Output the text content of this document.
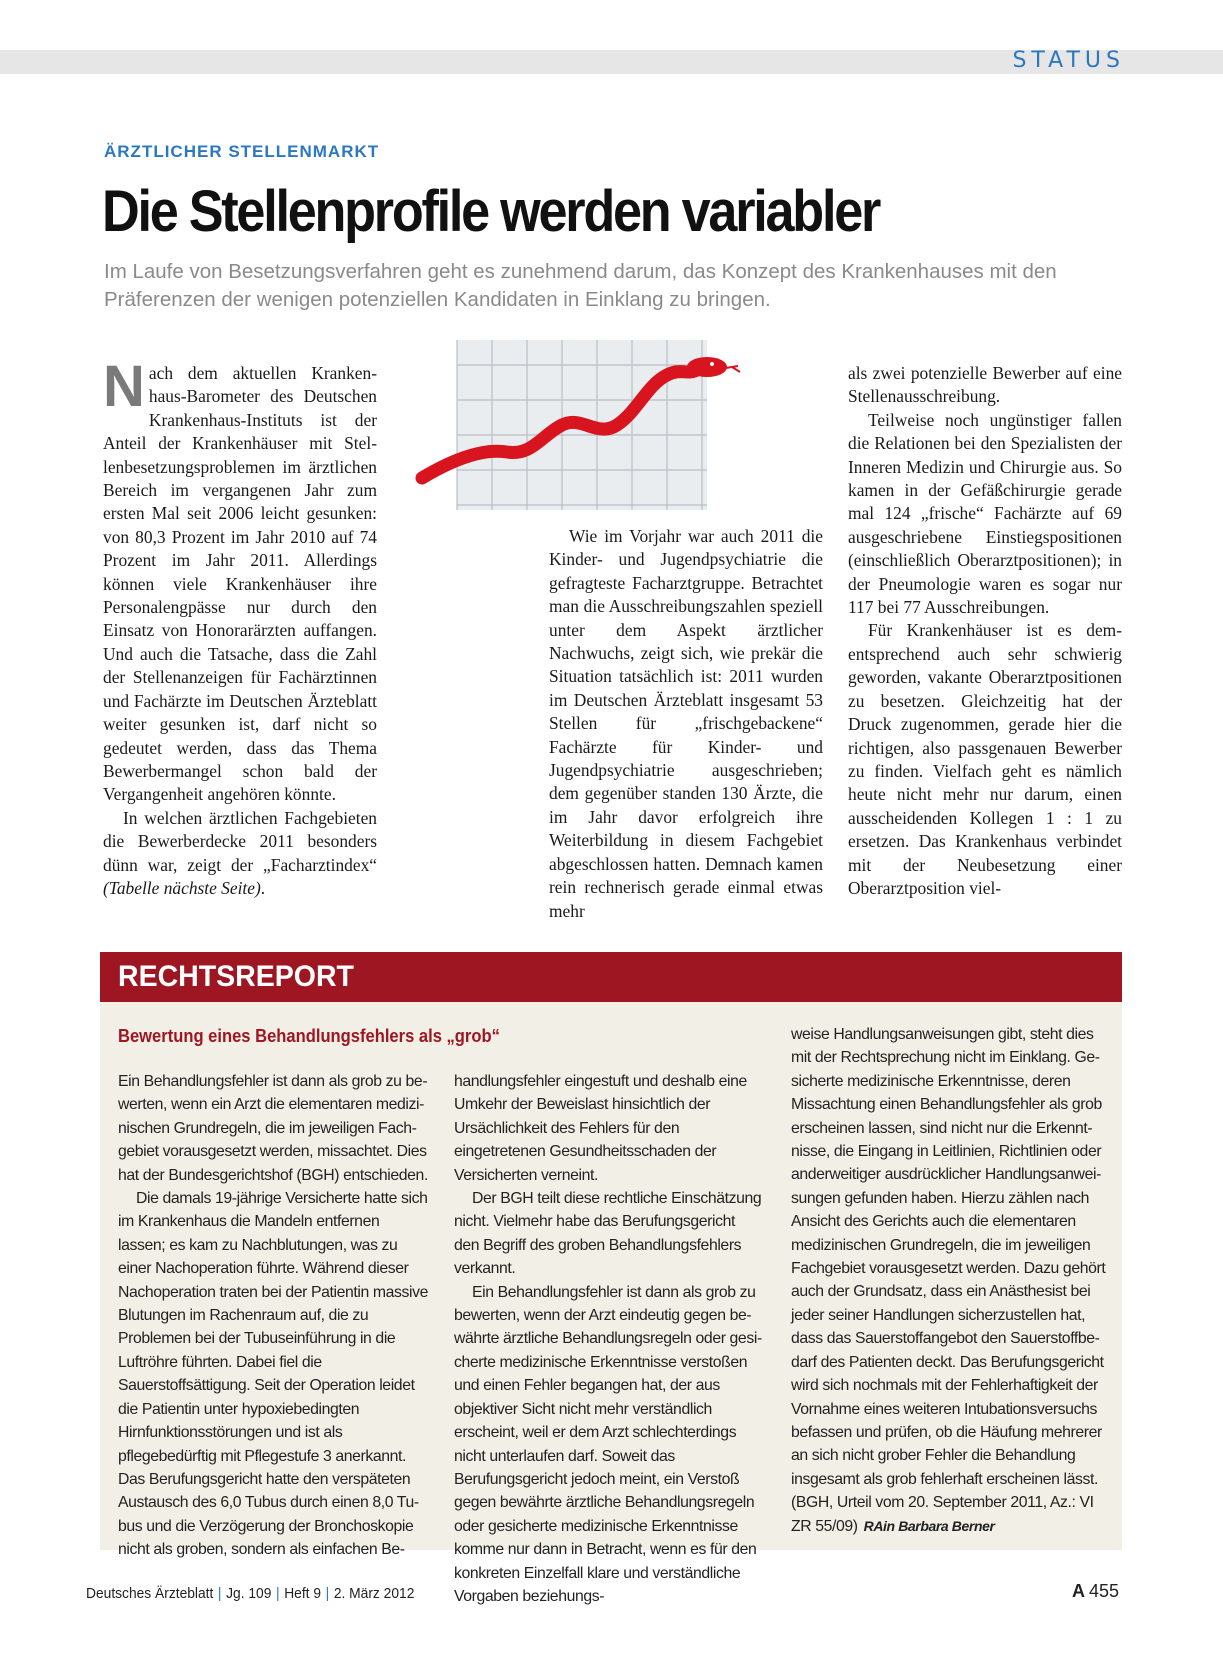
STATUS
ÄRZTLICHER STELLENMARKT
Die Stellenprofile werden variabler

Im Laufe von Besetzungsverfahren geht es zunehmend darum, das Konzept des Krankenhauses mit den Präferenzen der wenigen potenziellen Kandidaten in Einklang zu bringen.

Nach dem aktuellen Krankenhaus-Barometer des Deutschen Krankenhaus-Instituts ist der Anteil der Krankenhäuser mit Stellenbesetzungsproblemen im ärztlichen Bereich im vergangenen Jahr zum ersten Mal seit 2006 leicht gesunken: von 80,3 Prozent im Jahr 2010 auf 74 Prozent im Jahr 2011. Allerdings können viele Krankenhäuser ihre Personalengpässe nur durch den Einsatz von Honorarärzten auffangen. Und auch die Tatsache, dass die Zahl der Stellenanzeigen für Fachärztinnen und Fachärzte im Deutschen Ärzteblatt weiter gesunken ist, darf nicht so gedeutet werden, dass das Thema Bewerbermangel schon bald der Vergangenheit angehören könnte.

In welchen ärztlichen Fachgebieten die Bewerberdecke 2011 besonders dünn war, zeigt der „Facharztindex“ (Tabelle nächste Seite).

Wie im Vorjahr war auch 2011 die Kinder- und Jugendpsychiatrie die gefragteste Facharztgruppe. Betrachtet man die Ausschreibungszahlen speziell unter dem Aspekt ärztlicher Nachwuchs, zeigt sich, wie prekär die Situation tatsächlich ist: 2011 wurden im Deutschen Ärzteblatt insgesamt 53 Stellen für „frischgebackene“ Fachärzte für Kinder- und Jugendpsychiatrie ausgeschrieben; dem gegenüber standen 130 Ärzte, die im Jahr davor erfolgreich ihre Weiterbildung in diesem Fachgebiet abgeschlossen hatten. Demnach kamen rein rechnerisch gerade einmal etwas mehr

als zwei potenzielle Bewerber auf eine Stellenausschreibung.

Teilweise noch ungünstiger fallen die Relationen bei den Spezialisten der Inneren Medizin und Chirurgie aus. So kamen in der Gefäßchirurgie gerade mal 124 „frische“ Fachärzte auf 69 ausgeschriebene Einstiegspositionen (einschließlich Oberarztpositionen); in der Pneumologie waren es sogar nur 117 bei 77 Ausschreibungen.

Für Krankenhäuser ist es dementsprechend auch sehr schwierig geworden, vakante Oberarztpositionen zu besetzen. Gleichzeitig hat der Druck zugenommen, gerade hier die richtigen, also passgenauen Bewerber zu finden. Vielfach geht es nämlich heute nicht mehr nur darum, einen ausscheidenden Kollegen 1 : 1 zu ersetzen. Das Krankenhaus verbindet mit der Neubesetzung einer Oberarztposition viel-

RECHTSREPORT
Bewertung eines Behandlungsfehlers als „grob“

Ein Behandlungsfehler ist dann als grob zu bewerten, wenn ein Arzt die elementaren medizinischen Grundregeln, die im jeweiligen Fachgebiet vorausgesetzt werden, missachtet. Dies hat der Bundesgerichtshof (BGH) entschieden.

Die damals 19-jährige Versicherte hatte sich im Krankenhaus die Mandeln entfernen lassen; es kam zu Nachblutungen, was zu einer Nachoperation führte. Während dieser Nachoperation traten bei der Patientin massive Blutungen im Rachenraum auf, die zu Problemen bei der Tubuseinführung in die Luftröhre führten. Dabei fiel die Sauerstoffsättigung. Seit der Operation leidet die Patientin unter hypoxiebedingten Hirnfunktionsstörungen und ist als pflegebedürftig mit Pflegestufe 3 anerkannt. Das Berufungsgericht hatte den verspäteten Austausch des 6,0 Tubus durch einen 8,0 Tubus und die Verzögerung der Bronchoskopie nicht als groben, sondern als einfachen Be-

handlungsfehler eingestuft und deshalb eine Umkehr der Beweislast hinsichtlich der Ursächlichkeit des Fehlers für den eingetretenen Gesundheitsschaden der Versicherten verneint.

Der BGH teilt diese rechtliche Einschätzung nicht. Vielmehr habe das Berufungsgericht den Begriff des groben Behandlungsfehlers verkannt.

Ein Behandlungsfehler ist dann als grob zu bewerten, wenn der Arzt eindeutig gegen bewährte ärztliche Behandlungsregeln oder gesicherte medizinische Erkenntnisse verstoßen und einen Fehler begangen hat, der aus objektiver Sicht nicht mehr verständlich erscheint, weil er dem Arzt schlechterdings nicht unterlaufen darf. Soweit das Berufungsgericht jedoch meint, ein Verstoß gegen bewährte ärztliche Behandlungsregeln oder gesicherte medizinische Erkenntnisse komme nur dann in Betracht, wenn es für den konkreten Einzelfall klare und verständliche Vorgaben beziehungs-

weise Handlungsanweisungen gibt, steht dies mit der Rechtsprechung nicht im Einklang. Gesicherte medizinische Erkenntnisse, deren Missachtung einen Behandlungsfehler als grob erscheinen lassen, sind nicht nur die Erkenntnisse, die Eingang in Leitlinien, Richtlinien oder anderweitiger ausdrücklicher Handlungsanweisungen gefunden haben. Hierzu zählen nach Ansicht des Gerichts auch die elementaren medizinischen Grundregeln, die im jeweiligen Fachgebiet vorausgesetzt werden. Dazu gehört auch der Grundsatz, dass ein Anästhesist bei jeder seiner Handlungen sicherzustellen hat, dass das Sauerstoffangebot den Sauerstoffbedarf des Patienten deckt. Das Berufungsgericht wird sich nochmals mit der Fehlerhaftigkeit der Vornahme eines weiteren Intubationsversuchs befassen und prüfen, ob die Häufung mehrerer an sich nicht grober Fehler die Behandlung insgesamt als grob fehlerhaft erscheinen lässt. (BGH, Urteil vom 20. September 2011, Az.: VI ZR 55/09) RAin Barbara Berner

Deutsches Ärzteblatt | Jg. 109 | Heft 9 | 2. März 2012	A 455
